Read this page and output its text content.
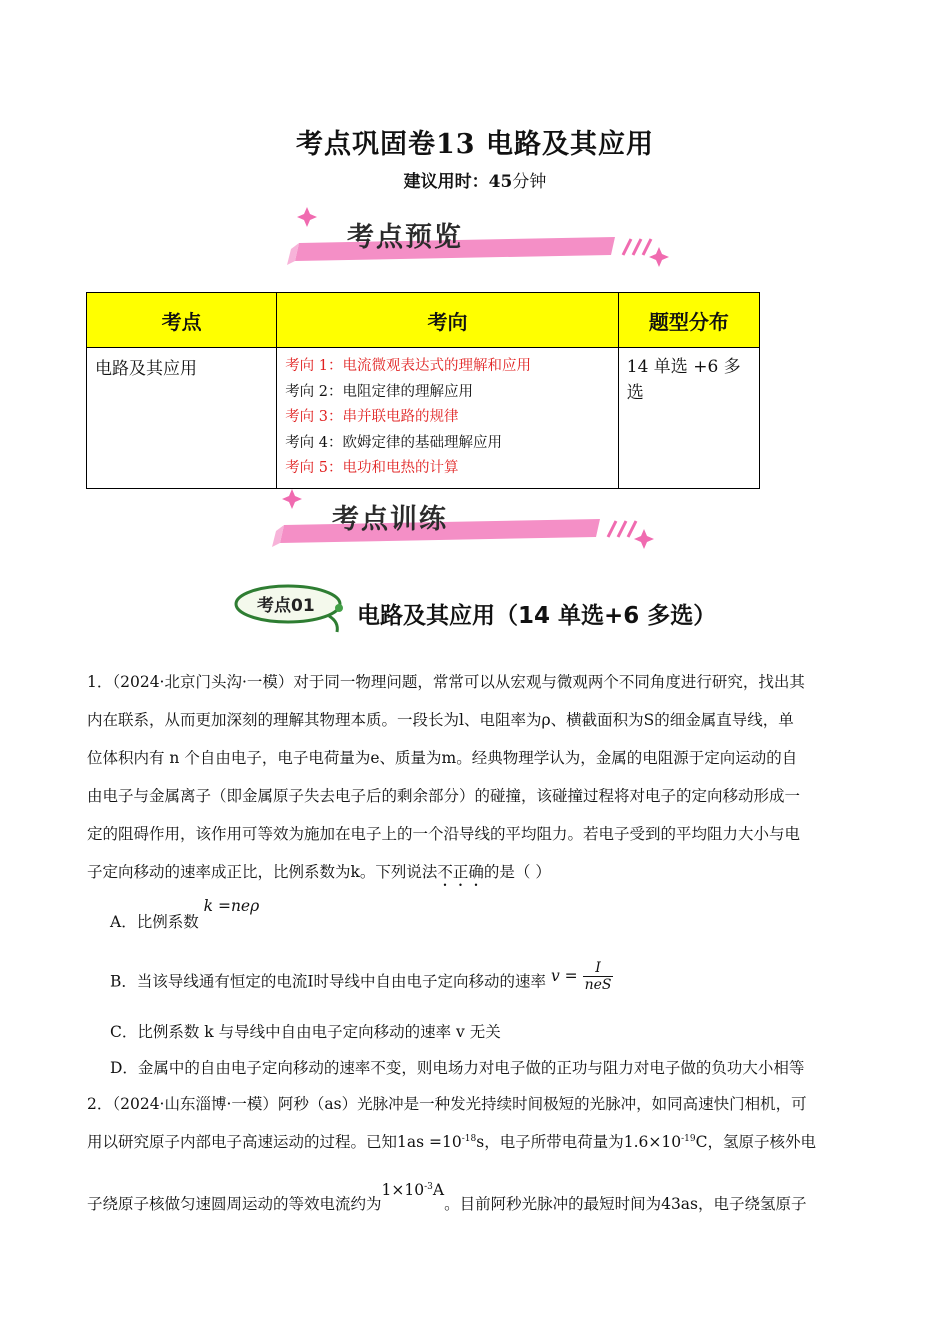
考点巩固卷13 电路及其应用
建议用时：45分钟
考点预览
考点	考向	题型分布
电路及其应用	考向 1：电流微观表达式的理解和应用
考向 2：电阻定律的理解应用
考向 3：串并联电路的规律
考向 4：欧姆定律的基础理解应用
考向 5：电功和电热的计算	14 单选 +6 多选
考点训练
考点01 电路及其应用（14 单选+6 多选）
1．（2024·北京门头沟·一模）对于同一物理问题，常常可以从宏观与微观两个不同角度进行研究，找出其
内在联系，从而更加深刻的理解其物理本质。一段长为l、电阻率为ρ、横截面积为S的细金属直导线，单
位体积内有 n 个自由电子，电子电荷量为e、质量为m。经典物理学认为，金属的电阻源于定向运动的自
由电子与金属离子（即金属原子失去电子后的剩余部分）的碰撞，该碰撞过程将对电子的定向移动形成一
定的阻碍作用，该作用可等效为施加在电子上的一个沿导线的平均阻力。若电子受到的平均阻力大小与电
子定向移动的速率成正比，比例系数为k。下列说法不正确的是（ ）
A．比例系数 k =neρ
B．当该导线通有恒定的电流I时导线中自由电子定向移动的速率 $v = \frac{I}{\text{neS}}$
C．比例系数 k 与导线中自由电子定向移动的速率 v 无关
D．金属中的自由电子定向移动的速率不变，则电场力对电子做的正功与阻力对电子做的负功大小相等
2．（2024·山东淄博·一模）阿秒（as）光脉冲是一种发光持续时间极短的光脉冲，如同高速快门相机，可
用以研究原子内部电子高速运动的过程。已知$1as =10^{-18}s$，电子所带电荷量为$1.6\times 10^{-19}C$，氢原子核外电
子绕原子核做匀速圆周运动的等效电流约为$1\times 10^{-3}A$。目前阿秒光脉冲的最短时间为43as，电子绕氢原子
